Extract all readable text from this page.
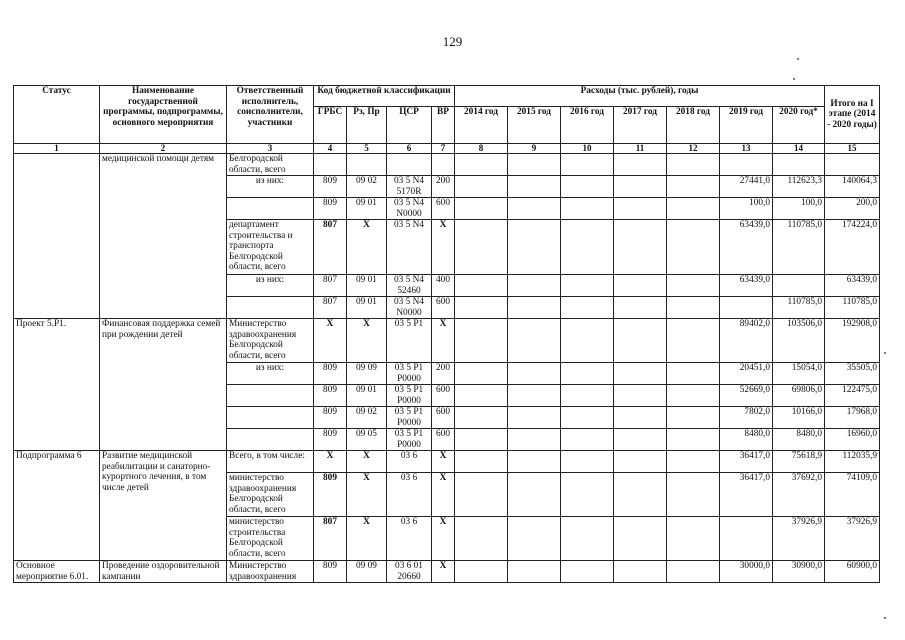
129
Статус	Наименование государственной программы, подпрограммы, основного мероприятия	Ответственный исполнитель, соисполнители, участники	Код бюджетной классификации				Расходы (тыс. рублей), годы							Итого на I этапе (2014 - 2020 годы)
			ГРБС	Рз, Пр	ЦСР	ВР	2014 год	2015 год	2016 год	2017 год	2018 год	2019 год	2020 год*	
1	2	3	4	5	6	7	8	9	10	11	12	13	14	15
	медицинской помощи детям	Белгородской области, всего												
		из них:	809	09 02	03 5 N4 5170R	200						27441,0	112623,3	140064,3
			809	09 01	03 5 N4 N0000	600						100,0	100,0	200,0
		департамент строительства и транспорта Белгородской области, всего	807	Х	03 5 N4	Х						63439,0	110785,0	174224,0
		из них:	807	09 01	03 5 N4 52460	400						63439,0		63439,0
			807	09 01	03 5 N4 N0000	600							110785,0	110785,0
Проект 5.Р1.	Финансовая поддержка семей при рождении детей	Министерство здравоохранения Белгородской области, всего	Х	Х	03 5 Р1	Х						89402,0	103506,0	192908,0
		из них:	809	09 09	03 5 Р1 Р0000	200						20451,0	15054,0	35505,0
			809	09 01	03 5 Р1 Р0000	600						52669,0	69806,0	122475,0
			809	09 02	03 5 Р1 Р0000	600						7802,0	10166,0	17968,0
			809	09 05	03 5 Р1 Р0000	600						8480,0	8480,0	16960,0
Подпрограмма 6	Развитие медицинской реабилитации и санаторно-курортного лечения, в том числе детей	Всего, в том числе:	Х	Х	03 6	Х						36417,0	75618,9	112035,9
		министерство здравоохранения Белгородской области, всего	809	Х	03 6	Х						36417,0	37692,0	74109,0
		министерство строительства Белгородской области, всего	807	Х	03 6	Х							37926,9	37926,9
Основное мероприятие 6.01.	Проведение оздоровительной кампании	Министерство здравоохранения	809	09 09	03 6 01 20660	Х						30000,0	30900,0	60900,0
